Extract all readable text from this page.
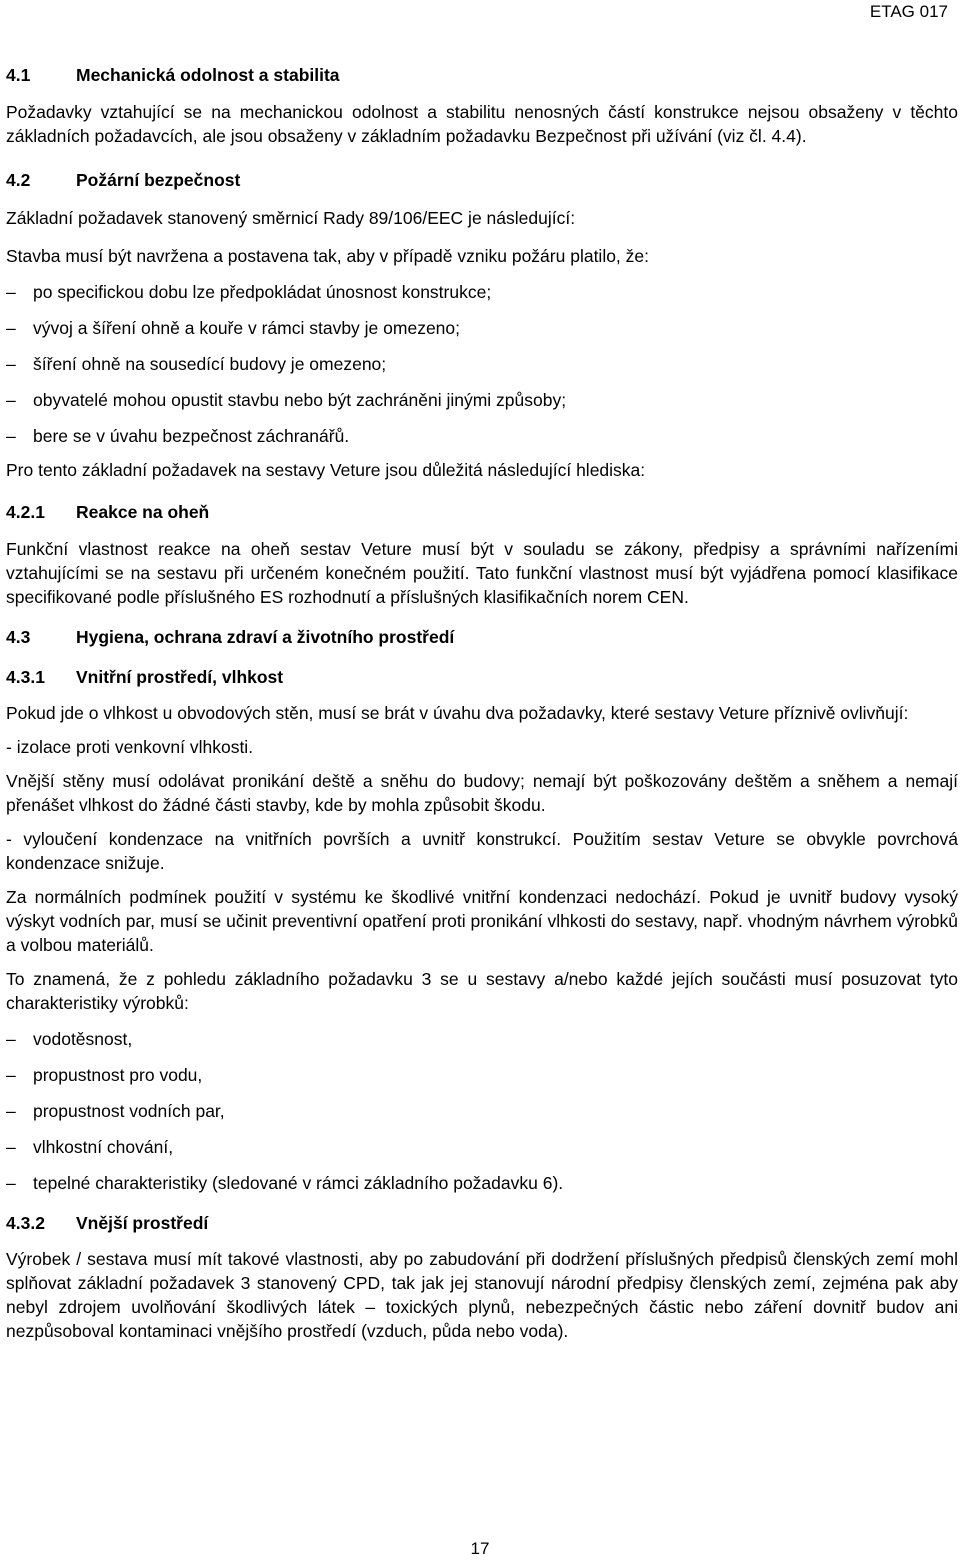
ETAG 017
4.1	Mechanická odolnost a stabilita

Požadavky vztahující se na mechanickou odolnost a stabilitu nenosných částí konstrukce nejsou obsaženy v těchto základních požadavcích, ale jsou obsaženy v základním požadavku Bezpečnost při užívání (viz čl. 4.4).

4.2	Požární bezpečnost

Základní požadavek stanovený směrnicí Rady 89/106/EEC je následující:

Stavba musí být navržena a postavena tak, aby v případě vzniku požáru platilo, že:

– po specifickou dobu lze předpokládat únosnost konstrukce;
– vývoj a šíření ohně a kouře v rámci stavby je omezeno;
– šíření ohně na sousedící budovy je omezeno;
– obyvatelé mohou opustit stavbu nebo být zachráněni jinými způsoby;
– bere se v úvahu bezpečnost záchranářů.

Pro tento základní požadavek na sestavy Veture jsou důležitá následující hlediska:

4.2.1	Reakce na oheň

Funkční vlastnost reakce na oheň sestav Veture musí být v souladu se zákony, předpisy a správními nařízeními vztahujícími se na sestavu při určeném konečném použití. Tato funkční vlastnost musí být vyjádřena pomocí klasifikace specifikované podle příslušného ES rozhodnutí a příslušných klasifikačních norem CEN.

4.3	Hygiena, ochrana zdraví a životního prostředí
4.3.1	Vnitřní prostředí, vlhkost

Pokud jde o vlhkost u obvodových stěn, musí se brát v úvahu dva požadavky, které sestavy Veture příznivě ovlivňují:

- izolace proti venkovní vlhkosti.

Vnější stěny musí odolávat pronikání deště a sněhu do budovy; nemají být poškozovány deštěm a sněhem a nemají přenášet vlhkost do žádné části stavby, kde by mohla způsobit škodu.

- vyloučení kondenzace na vnitřních površích a uvnitř konstrukcí. Použitím sestav Veture se obvykle povrchová kondenzace snižuje.

Za normálních podmínek použití v systému ke škodlivé vnitřní kondenzaci nedochází. Pokud je uvnitř budovy vysoký výskyt vodních par, musí se učinit preventivní opatření proti pronikání vlhkosti do sestavy, např. vhodným návrhem výrobků a volbou materiálů.

To znamená, že z pohledu základního požadavku 3 se u sestavy a/nebo každé jejích součásti musí posuzovat tyto charakteristiky výrobků:

– vodotěsnost,
– propustnost pro vodu,
– propustnost vodních par,
– vlhkostní chování,
– tepelné charakteristiky (sledované v rámci základního požadavku 6).
4.3.2	Vnější prostředí

Výrobek / sestava musí mít takové vlastnosti, aby po zabudování při dodržení příslušných předpisů členských zemí mohl splňovat základní požadavek 3 stanovený CPD, tak jak jej stanovují národní předpisy členských zemí, zejména pak aby nebyl zdrojem uvolňování škodlivých látek – toxických plynů, nebezpečných částic nebo záření dovnitř budov ani nezpůsoboval kontaminaci vnějšího prostředí (vzduch, půda nebo voda).

17
